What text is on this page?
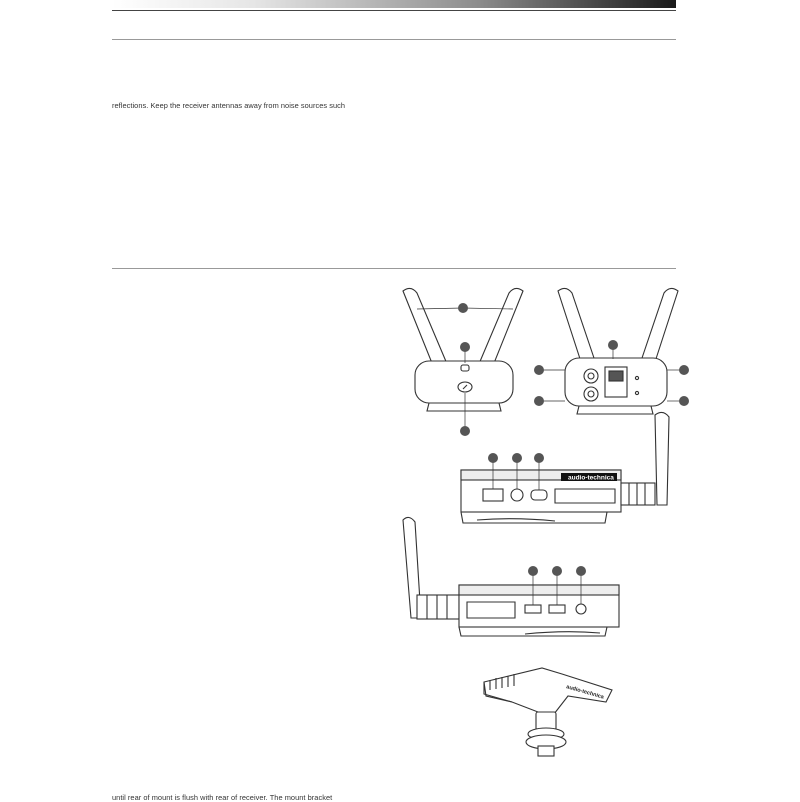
reflections. Keep the receiver antennas away from noise sources such
audio-technica
audio-technica
until rear of mount is flush with rear of receiver. The mount bracket
